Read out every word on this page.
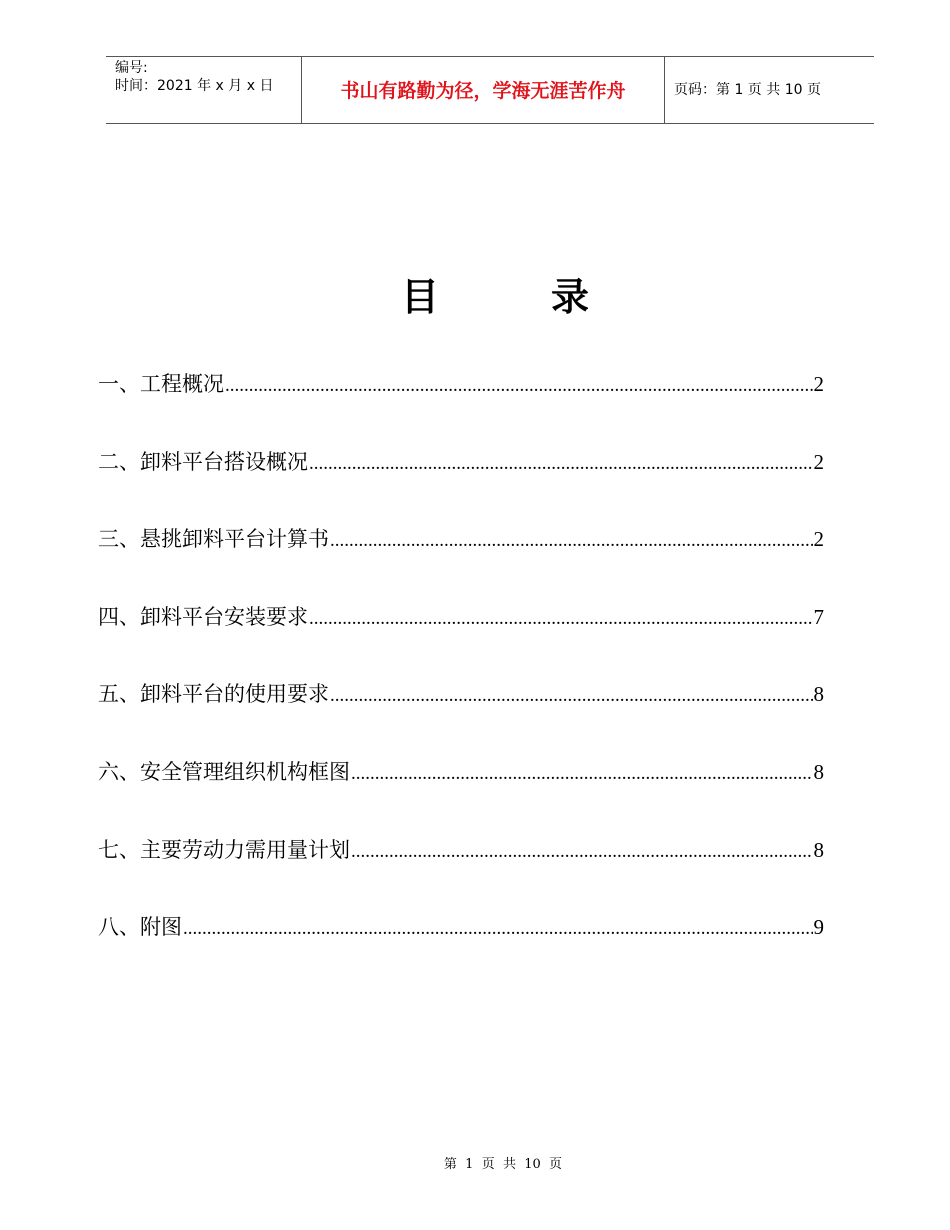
编号:
时间：2021 年 x 月 x 日	书山有路勤为径，学海无涯苦作舟	页码：第 1 页 共 10 页
目	录
一、工程概况 .....	2
二、卸料平台搭设概况 .....	2
三、悬挑卸料平台计算书 .....	2
四、卸料平台安装要求 .....	7
五、卸料平台的使用要求 .....	8
六、安全管理组织机构框图 .....	8
七、主要劳动力需用量计划 .....	8
八、附图 .....	9
第  1  页  共  10  页
